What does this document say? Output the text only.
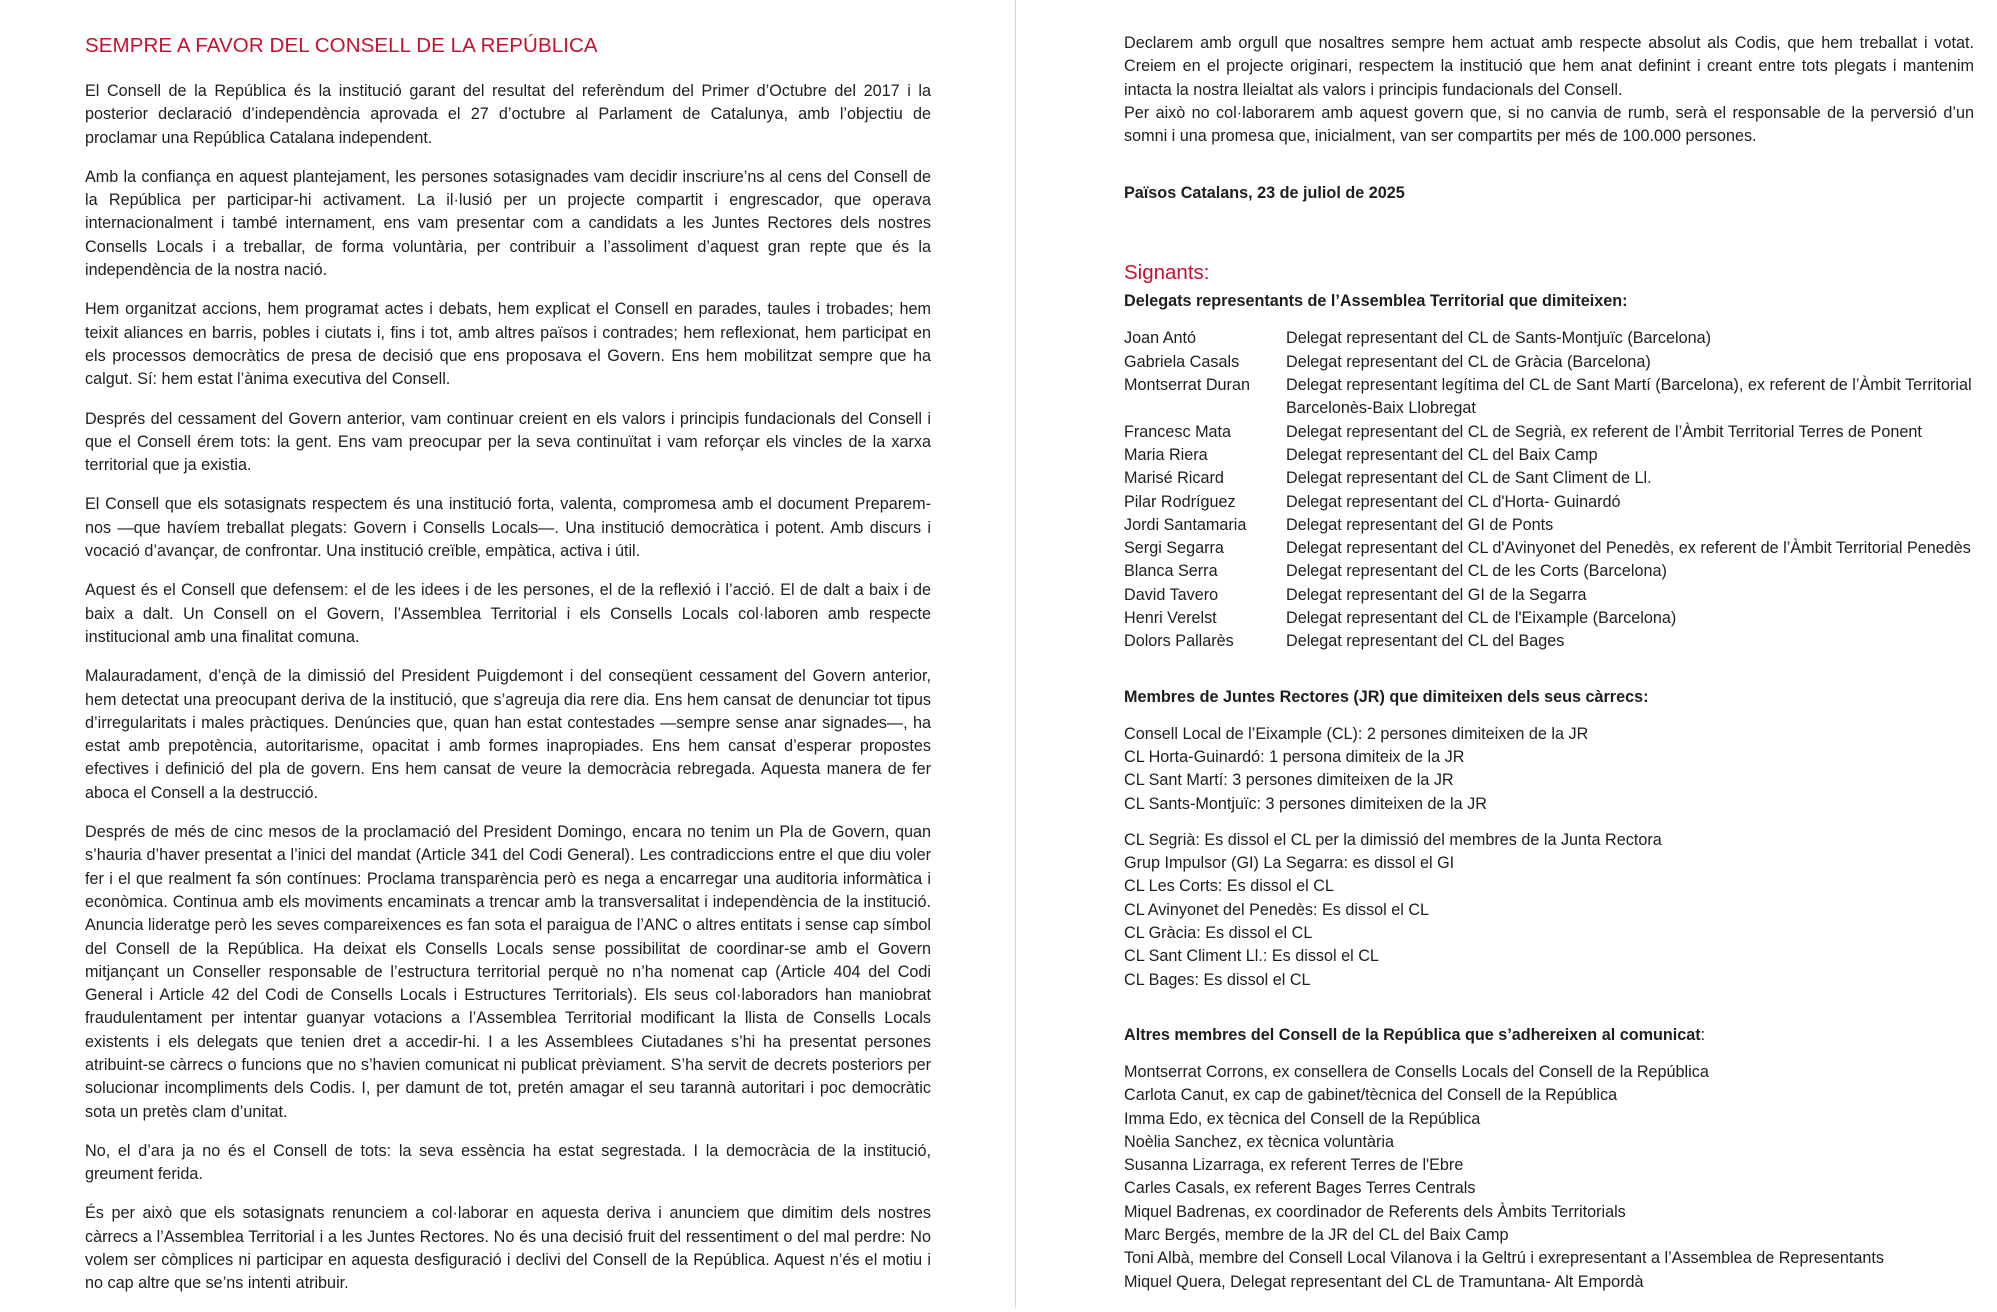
SEMPRE A FAVOR DEL CONSELL DE LA REPÚBLICA

El Consell de la República és la institució garant del resultat del referèndum del Primer d’Octubre del 2017 i la posterior declaració d’independència aprovada el 27 d’octubre al Parlament de Catalunya, amb l’objectiu de proclamar una República Catalana independent.

Amb la confiança en aquest plantejament, les persones sotasignades vam decidir inscriure’ns al cens del Consell de la República per participar-hi activament. La il·lusió per un projecte compartit i engrescador, que operava internacionalment i també internament, ens vam presentar com a candidats a les Juntes Rectores dels nostres Consells Locals i a treballar, de forma voluntària, per contribuir a l’assoliment d’aquest gran repte que és la independència de la nostra nació.

Hem organitzat accions, hem programat actes i debats, hem explicat el Consell en parades, taules i trobades; hem teixit aliances en barris, pobles i ciutats i, fins i tot, amb altres països i contrades; hem reflexionat, hem participat en els processos democràtics de presa de decisió que ens proposava el Govern. Ens hem mobilitzat sempre que ha calgut. Sí: hem estat l’ànima executiva del Consell.

Després del cessament del Govern anterior, vam continuar creient en els valors i principis fundacionals del Consell i que el Consell érem tots: la gent. Ens vam preocupar per la seva continuïtat i vam reforçar els vincles de la xarxa territorial que ja existia.

El Consell que els sotasignats respectem és una institució forta, valenta, compromesa amb el document Preparem-nos —que havíem treballat plegats: Govern i Consells Locals—. Una institució democràtica i potent. Amb discurs i vocació d’avançar, de confrontar. Una institució creïble, empàtica, activa i útil.

Aquest és el Consell que defensem: el de les idees i de les persones, el de la reflexió i l’acció. El de dalt a baix i de baix a dalt. Un Consell on el Govern, l’Assemblea Territorial i els Consells Locals col·laboren amb respecte institucional amb una finalitat comuna.

Malauradament, d’ençà de la dimissió del President Puigdemont i del conseqüent cessament del Govern anterior, hem detectat una preocupant deriva de la institució, que s’agreuja dia rere dia. Ens hem cansat de denunciar tot tipus d’irregularitats i males pràctiques. Denúncies que, quan han estat contestades —sempre sense anar signades—, ha estat amb prepotència, autoritarisme, opacitat i amb formes inapropiades. Ens hem cansat d’esperar propostes efectives i definició del pla de govern. Ens hem cansat de veure la democràcia rebregada. Aquesta manera de fer aboca el Consell a la destrucció.

Després de més de cinc mesos de la proclamació del President Domingo, encara no tenim un Pla de Govern, quan s’hauria d’haver presentat a l’inici del mandat (Article 341 del Codi General). Les contradiccions entre el que diu voler fer i el que realment fa són contínues: Proclama transparència però es nega a encarregar una auditoria informàtica i econòmica. Continua amb els moviments encaminats a trencar amb la transversalitat i independència de la institució. Anuncia lideratge però les seves compareixences es fan sota el paraigua de l’ANC o altres entitats i sense cap símbol del Consell de la República. Ha deixat els Consells Locals sense possibilitat de coordinar-se amb el Govern mitjançant un Conseller responsable de l’estructura territorial perquè no n’ha nomenat cap (Article 404 del Codi General i Article 42 del Codi de Consells Locals i Estructures Territorials). Els seus col·laboradors han maniobrat fraudulentament per intentar guanyar votacions a l’Assemblea Territorial modificant la llista de Consells Locals existents i els delegats que tenien dret a accedir-hi. I a les Assemblees Ciutadanes s’hi ha presentat persones atribuint-se càrrecs o funcions que no s’havien comunicat ni publicat prèviament. S’ha servit de decrets posteriors per solucionar incompliments dels Codis. I, per damunt de tot, pretén amagar el seu tarannà autoritari i poc democràtic sota un pretès clam d’unitat.

No, el d’ara ja no és el Consell de tots: la seva essència ha estat segrestada. I la democràcia de la institució, greument ferida.

És per això que els sotasignats renunciem a col·laborar en aquesta deriva i anunciem que dimitim dels nostres càrrecs a l’Assemblea Territorial i a les Juntes Rectores. No és una decisió fruit del ressentiment o del mal perdre: No volem ser còmplices ni participar en aquesta desfiguració i declivi del Consell de la República. Aquest n’és el motiu i no cap altre que se’ns intenti atribuir.

Declarem amb orgull que nosaltres sempre hem actuat amb respecte absolut als Codis, que hem treballat i votat. Creiem en el projecte originari, respectem la institució que hem anat definint i creant entre tots plegats i mantenim intacta la nostra lleialtat als valors i principis fundacionals del Consell.

Per això no col·laborarem amb aquest govern que, si no canvia de rumb, serà el responsable de la perversió d’un somni i una promesa que, inicialment, van ser compartits per més de 100.000 persones.

Països Catalans, 23 de juliol de 2025
Signants:
Delegats representants de l’Assemblea Territorial que dimiteixen:
Joan Antó	Delegat representant del CL de Sants-Montjuïc (Barcelona)
Gabriela Casals	Delegat representant del CL de Gràcia (Barcelona)
Montserrat Duran	Delegat representant legítima del CL de Sant Martí (Barcelona), ex referent de l’Àmbit Territorial Barcelonès-Baix Llobregat
Francesc Mata	Delegat representant del CL de Segrià, ex referent de l’Àmbit Territorial Terres de Ponent
Maria Riera	Delegat representant del CL del Baix Camp
Marisé Ricard	Delegat representant del CL de Sant Climent de Ll.
Pilar Rodríguez	Delegat representant del CL d'Horta- Guinardó
Jordi Santamaria	Delegat representant del GI de Ponts
Sergi Segarra	Delegat representant del CL d'Avinyonet del Penedès, ex referent de l’Àmbit Territorial Penedès
Blanca Serra	Delegat representant del CL de les Corts (Barcelona)
David Tavero	Delegat representant del GI de la Segarra
Henri Verelst	Delegat representant del CL de l'Eixample (Barcelona)
Dolors Pallarès	Delegat representant del CL del Bages
Membres de Juntes Rectores (JR) que dimiteixen dels seus càrrecs:
Consell Local de l’Eixample (CL): 2 persones dimiteixen de la JR
CL Horta-Guinardó: 1 persona dimiteix de la JR
CL Sant Martí: 3 persones dimiteixen de la JR
CL Sants-Montjuïc: 3 persones dimiteixen de la JR
CL Segrià: Es dissol el CL per la dimissió del membres de la Junta Rectora
Grup Impulsor (GI) La Segarra: es dissol el GI
CL Les Corts: Es dissol el CL
CL Avinyonet del Penedès: Es dissol el CL
CL Gràcia: Es dissol el CL
CL Sant Climent Ll.: Es dissol el CL
CL Bages: Es dissol el CL
Altres membres del Consell de la República que s’adhereixen al comunicat:
Montserrat Corrons, ex consellera de Consells Locals del Consell de la República
Carlota Canut, ex cap de gabinet/tècnica del Consell de la República
Imma Edo, ex tècnica del Consell de la República
Noèlia Sanchez, ex tècnica voluntària
Susanna Lizarraga, ex referent Terres de l'Ebre
Carles Casals, ex referent Bages Terres Centrals
Miquel Badrenas, ex coordinador de Referents dels Àmbits Territorials
Marc Bergés, membre de la JR del CL del Baix Camp
Toni Albà, membre del Consell Local Vilanova i la Geltrú i exrepresentant a l’Assemblea de Representants
Miquel Quera, Delegat representant del CL de Tramuntana- Alt Empordà
